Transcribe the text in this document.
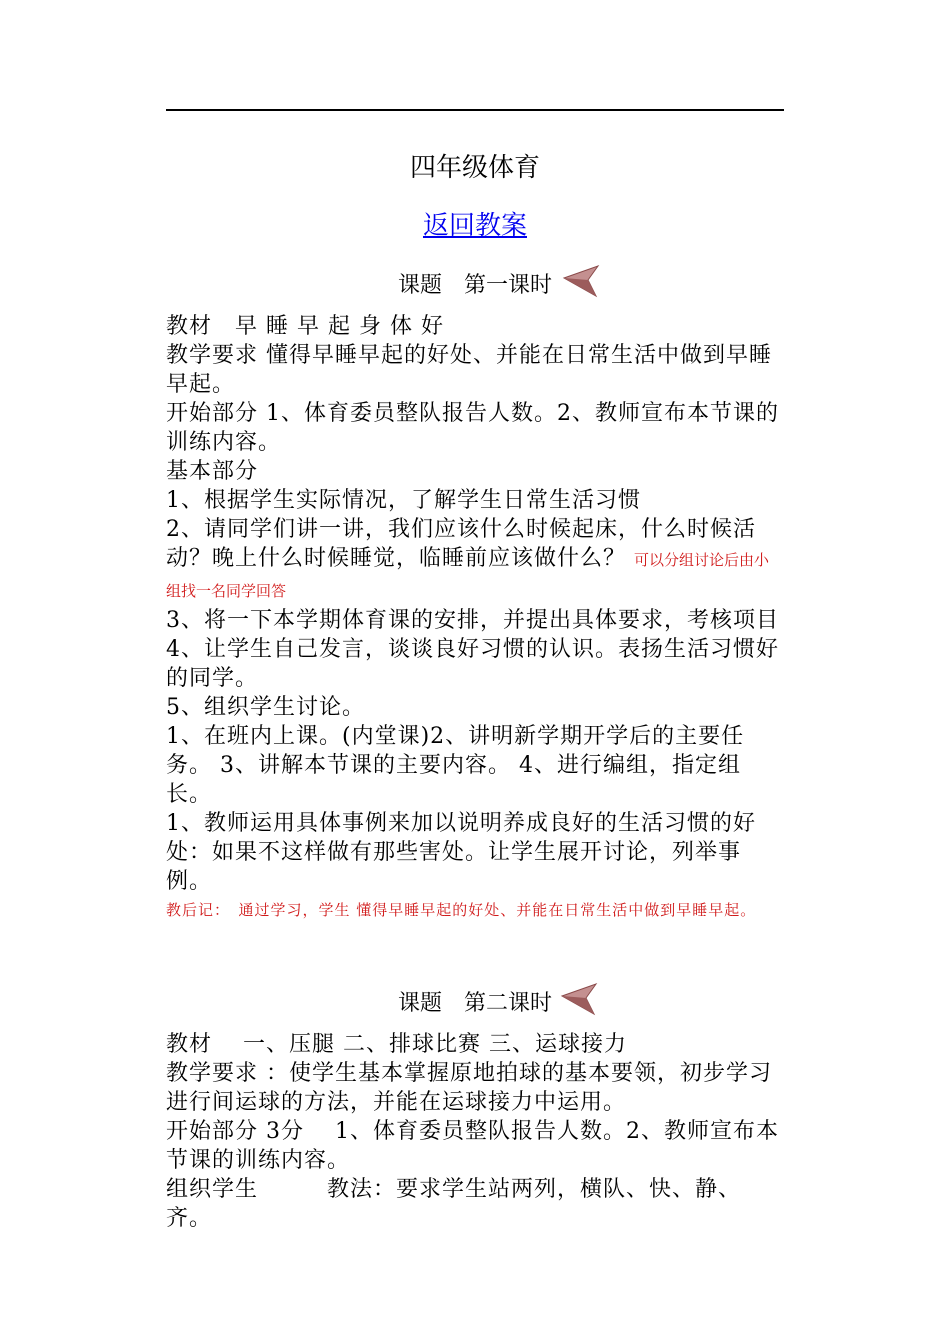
四年级体育
返回教案
课题　第一课时

教材　早 睡 早 起 身 体 好

教学要求 懂得早睡早起的好处、并能在日常生活中做到早睡早起。

开始部分 1、体育委员整队报告人数。2、教师宣布本节课的训练内容。

基本部分

1、根据学生实际情况，了解学生日常生活习惯

2、请同学们讲一讲，我们应该什么时候起床，什么时候活动？晚上什么时候睡觉，临睡前应该做什么？ 可以分组讨论后由小组找一名同学回答

3、将一下本学期体育课的安排，并提出具体要求，考核项目

4、让学生自己发言，谈谈良好习惯的认识。表扬生活习惯好的同学。

5、组织学生讨论。

1、在班内上课。(内堂课)2、讲明新学期开学后的主要任务。 3、讲解本节课的主要内容。 4、进行编组，指定组长。

1、教师运用具体事例来加以说明养成良好的生活习惯的好处：如果不这样做有那些害处。让学生展开讨论，列举事例。

教后记：　通过学习，学生 懂得早睡早起的好处、并能在日常生活中做到早睡早起。

课题　第二课时

教材　 一、压腿 二、排球比赛 三、运球接力

教学要求 ：使学生基本掌握原地拍球的基本要领，初步学习进行间运球的方法，并能在运球接力中运用。

开始部分 3分　 1、体育委员整队报告人数。2、教师宣布本节课的训练内容。

组织学生　　　教法：要求学生站两列，横队、快、静、齐。
